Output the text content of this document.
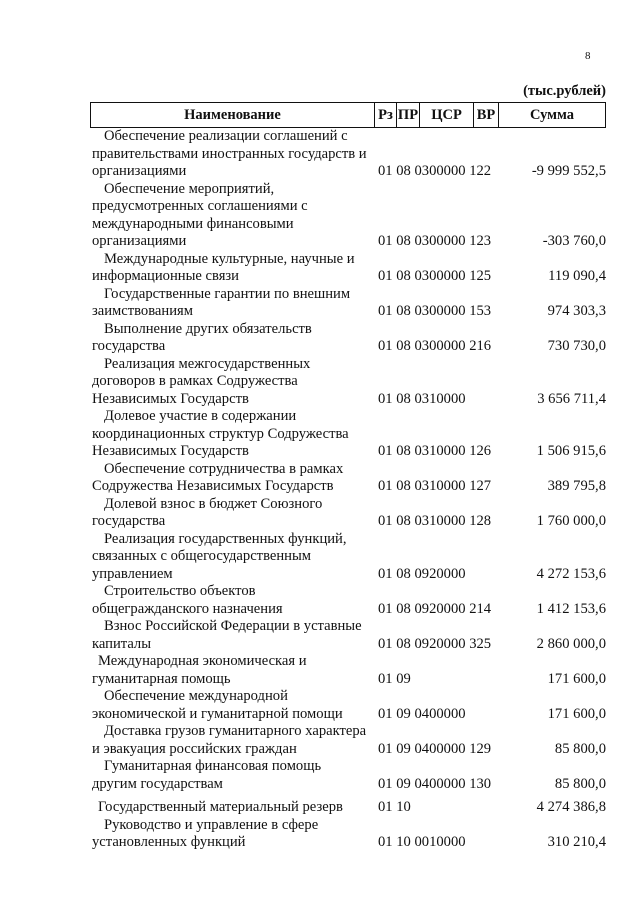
8
(тыс.рублей)
Наименование	Рз ПР ЦСР	ВР	Сумма
Обеспечение реализации соглашений с
правительствами иностранных государств и
организациями	01 08 0300000 122	-9 999 552,5
Обеспечение мероприятий,
предусмотренных соглашениями с
международными финансовыми
организациями	01 08 0300000 123	-303 760,0
Международные культурные, научные и
информационные связи	01 08 0300000 125	119 090,4
Государственные гарантии по внешним
заимствованиям	01 08 0300000 153	974 303,3
Выполнение других обязательств
государства	01 08 0300000 216	730 730,0
Реализация межгосударственных
договоров в рамках Содружества
Независимых Государств	01 08 0310000	3 656 711,4
Долевое участие в содержании
координационных структур Содружества
Независимых Государств	01 08 0310000 126	1 506 915,6
Обеспечение сотрудничества в рамках
Содружества Независимых Государств	01 08 0310000 127	389 795,8
Долевой взнос в бюджет Союзного
государства	01 08 0310000 128	1 760 000,0
Реализация государственных функций,
связанных с общегосударственным
управлением	01 08 0920000	4 272 153,6
Строительство объектов
общегражданского назначения	01 08 0920000 214	1 412 153,6
Взнос Российской Федерации в уставные
капиталы	01 08 0920000 325	2 860 000,0
Международная экономическая и
гуманитарная помощь	01 09	171 600,0
Обеспечение международной
экономической и гуманитарной помощи	01 09 0400000	171 600,0
Доставка грузов гуманитарного характера
и эвакуация российских граждан	01 09 0400000 129	85 800,0
Гуманитарная финансовая помощь
другим государствам	01 09 0400000 130	85 800,0
Государственный материальный резерв	01 10	4 274 386,8
Руководство и управление в сфере
установленных функций	01 10 0010000	310 210,4
